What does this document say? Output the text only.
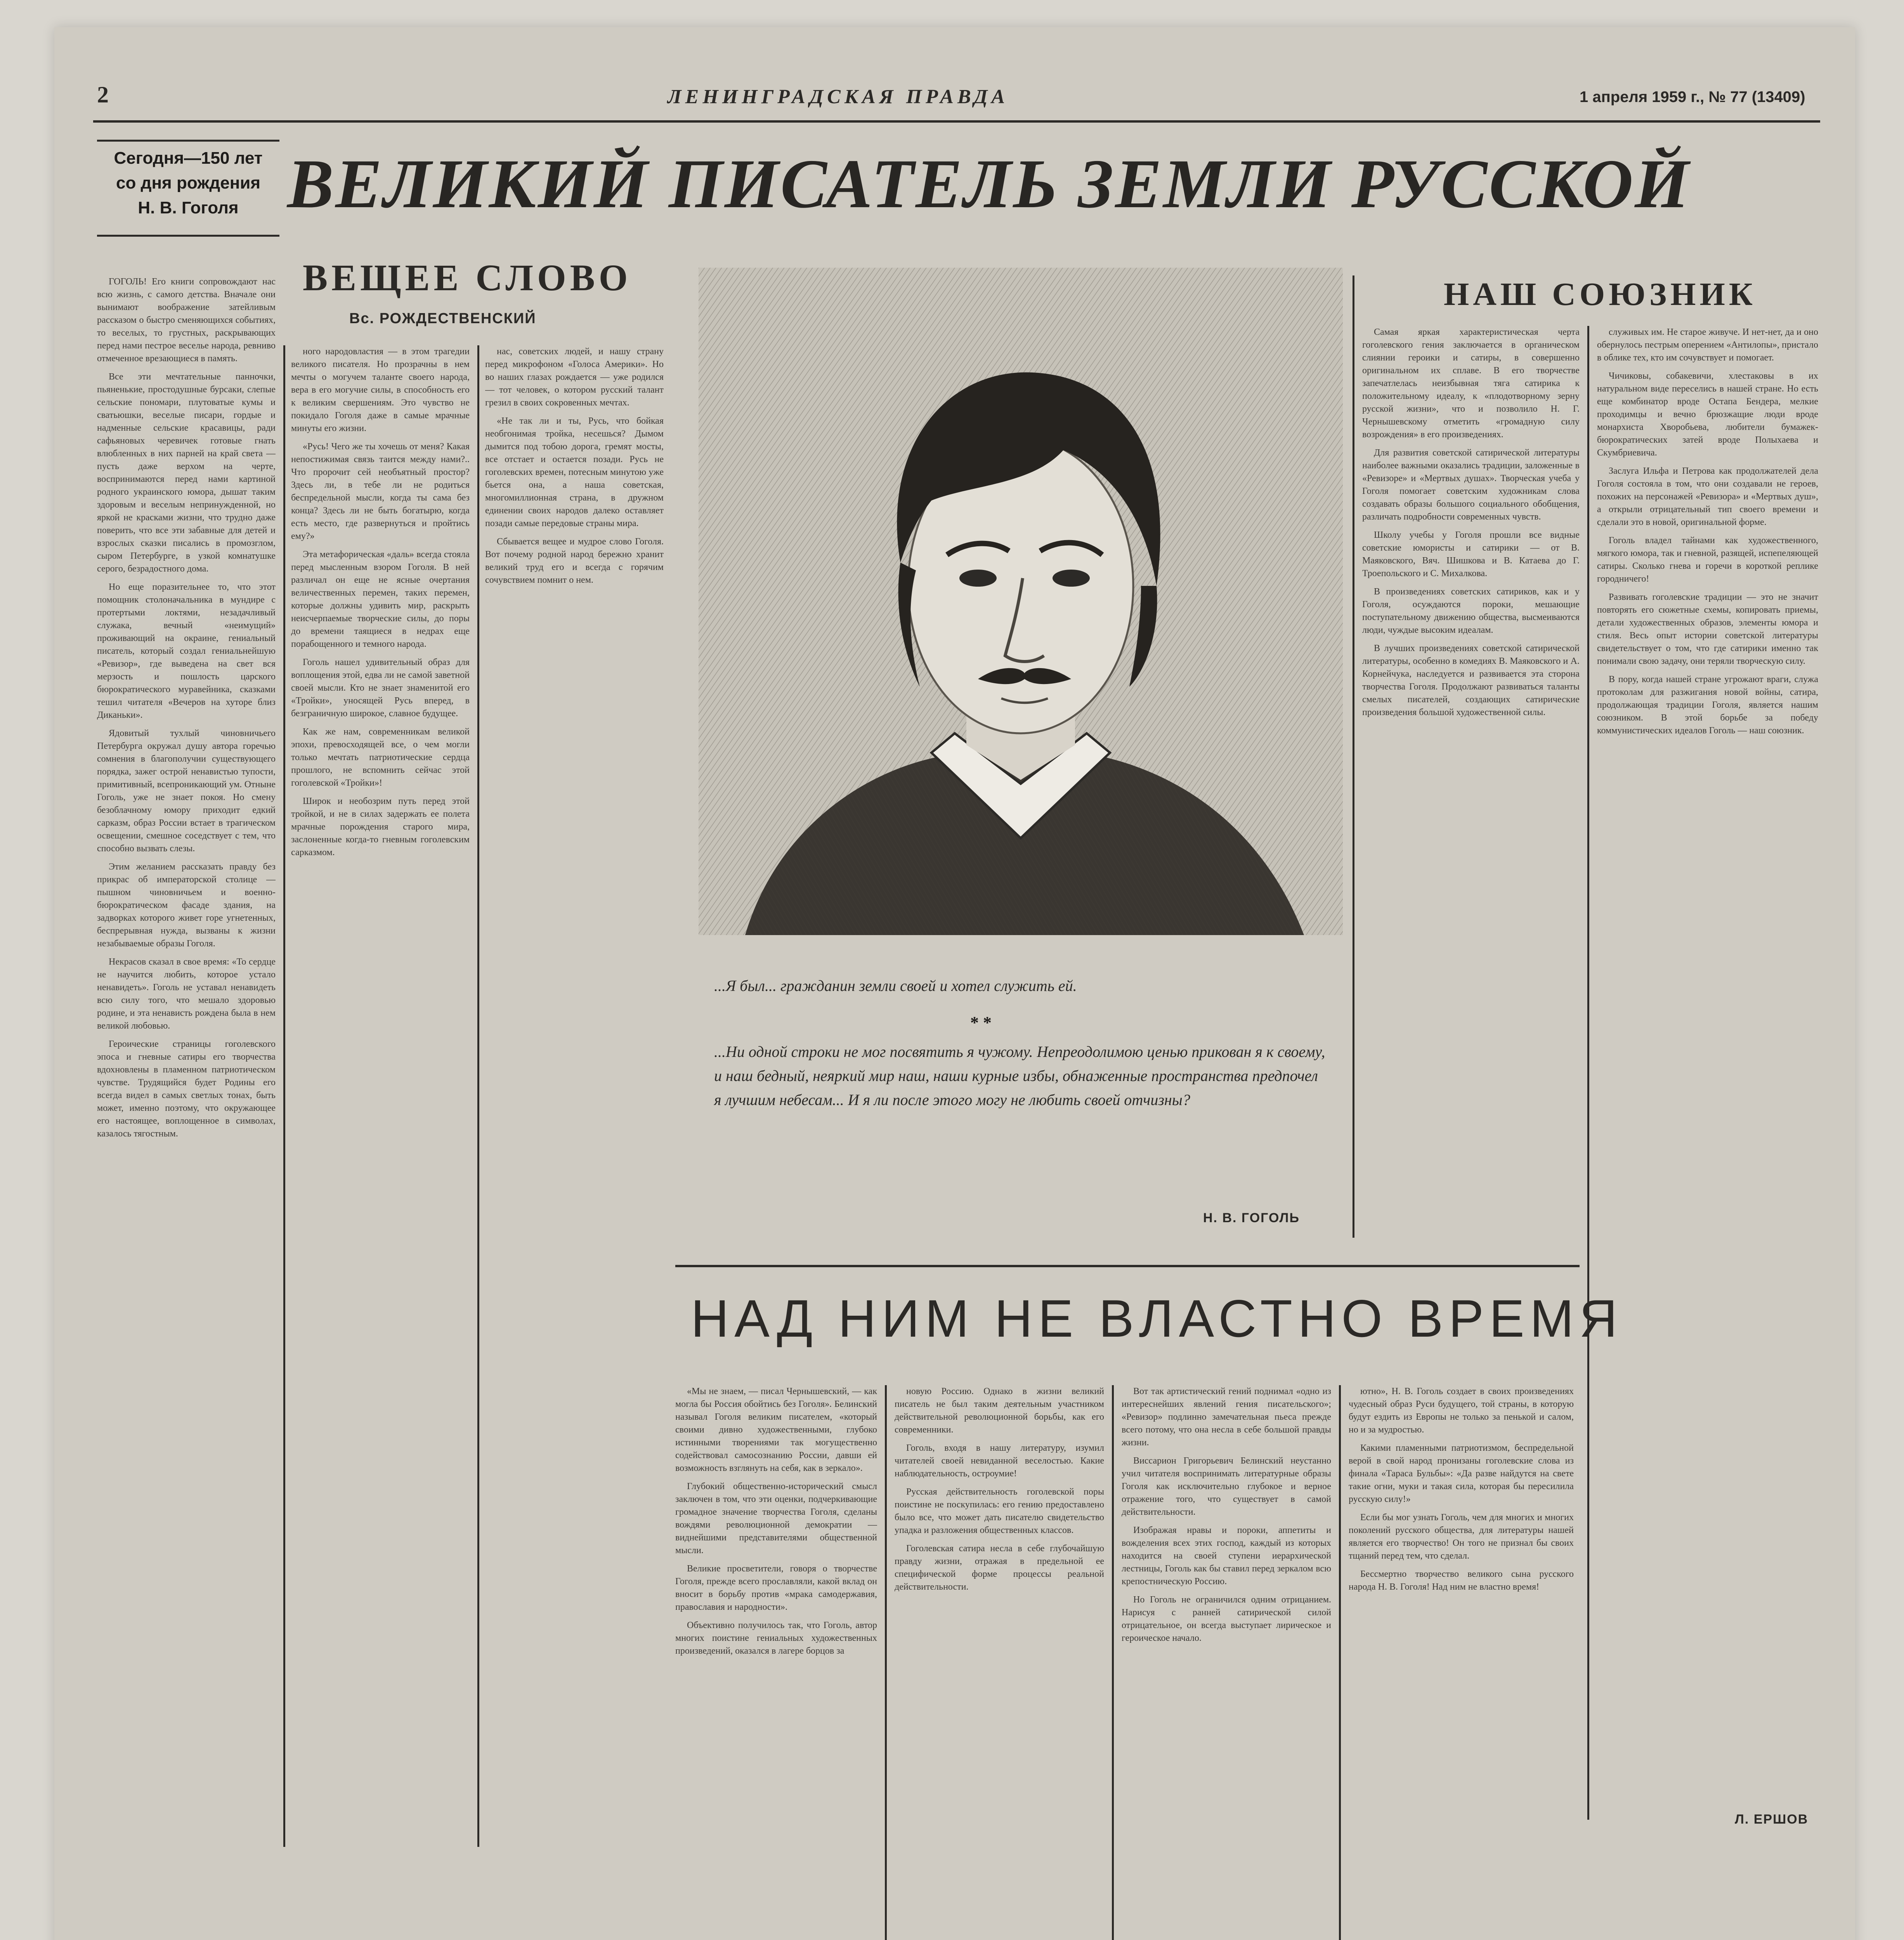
2	ЛЕНИНГРАДСКАЯ ПРАВДА	1 апреля 1959 г., № 77 (13409)
Сегодня—150 лет
со дня рождения
Н. В. Гоголя ВЕЛИКИЙ ПИСАТЕЛЬ ЗЕМЛИ РУССКОЙ
ВЕЩЕЕ СЛОВО
Вс. РОЖДЕСТВЕНСКИЙ

ГОГОЛЬ! Его книги сопровождают нас всю жизнь, с самого детства. Вначале они вынимают воображение затейливым рассказом о быстро сменяющихся событиях, то веселых, то грустных, раскрывающих перед нами пестрое веселье народа, ревниво отмеченное врезающиеся в память.

Все эти мечтательные панночки, пьяненькие, простодушные бурсаки, слепые сельские пономари, плутоватые кумы и сватьюшки, веселые писари, гордые и надменные сельские красавицы, ради сафьяновых черевичек готовые гнать влюбленных в них парней на край света — пусть даже верхом на черте, воспринимаются перед нами картиной родного украинского юмора, дышат таким здоровым и веселым непринужденной, но яркой не красками жизни, что трудно даже поверить, что все эти забавные для детей и взрослых сказки писались в промозглом, сыром Петербурге, в узкой комнатушке серого, безрадостного дома.

Но еще поразительнее то, что этот помощник столоначальника в мундире с протертыми локтями, незадачливый служака, вечный «неимущий» проживающий на окраине, гениальный писатель, который создал гениальнейшую «Ревизор», где выведена на свет вся мерзость и пошлость царского бюрократического муравейника, сказками тешил читателя «Вечеров на хуторе близ Диканьки».

Ядовитый тухлый чиновничьего Петербурга окружал душу автора горечью сомнения в благополучии существующего порядка, зажег острой ненавистью тупости, примитивный, всепроникающий ум. Отныне Гоголь, уже не знает покоя. Но смену безоблачному юмору приходит едкий сарказм, образ России встает в трагическом освещении, смешное соседствует с тем, что способно вызвать слезы.

Этим желанием рассказать правду без прикрас об императорской столице — пышном чиновничьем и военно-бюрократическом фасаде здания, на задворках которого живет горе угнетенных, беспрерывная нужда, вызваны к жизни незабываемые образы Гоголя.

Некрасов сказал в свое время: «То сердце не научится любить, которое устало ненавидеть». Гоголь не уставал ненавидеть всю силу того, что мешало здоровью родине, и эта ненависть рождена была в нем великой любовью.

Героические страницы гоголевского эпоса и гневные сатиры его творчества вдохновлены в пламенном патриотическом чувстве. Трудящийся будет Родины его всегда видел в самых светлых тонах, быть может, именно поэтому, что окружающее его настоящее, воплощенное в символах, казалось тягостным.

ного народовластия — в этом трагедии великого писателя. Но прозрачны в нем мечты о могучем таланте своего народа, вера в его могучие силы, в способность его к великим свершениям. Это чувство не покидало Гоголя даже в самые мрачные минуты его жизни.

«Русь! Чего же ты хочешь от меня? Какая непостижимая связь таится между нами?.. Что пророчит сей необъятный простор? Здесь ли, в тебе ли не родиться беспредельной мысли, когда ты сама без конца? Здесь ли не быть богатырю, когда есть место, где развернуться и пройтись ему?»

Эта метафорическая «даль» всегда стояла перед мысленным взором Гоголя. В ней различал он еще не ясные очертания величественных перемен, таких перемен, которые должны удивить мир, раскрыть неисчерпаемые творческие силы, до поры до времени таящиеся в недрах еще порабощенного и темного народа.

Гоголь нашел удивительный образ для воплощения этой, едва ли не самой заветной своей мысли. Кто не знает знаменитой его «Тройки», уносящей Русь вперед, в безграничную широкое, славное будущее.

Как же нам, современникам великой эпохи, превосходящей все, о чем могли только мечтать патриотические сердца прошлого, не вспомнить сейчас этой гоголевской «Тройки»!

Широк и необозрим путь перед этой тройкой, и не в силах задержать ее полета мрачные порождения старого мира, заслоненные когда-то гневным гоголевским сарказмом.

нас, советских людей, и нашу страну перед микрофоном «Голоса Америки». Но во наших глазах рождается — уже родился — тот человек, о котором русский талант грезил в своих сокровенных мечтах.

«Не так ли и ты, Русь, что бойкая необгонимая тройка, несешься? Дымом дымится под тобою дорога, гремят мосты, все отстает и остается позади. Русь не гоголевских времен, потесным минутою уже бьется она, а наша советская, многомиллионная страна, в дружном единении своих народов далеко оставляет позади самые передовые страны мира.

Сбывается вещее и мудрое слово Гоголя. Вот почему родной народ бережно хранит великий труд его и всегда с горячим сочувствием помнит о нем.

...Я был... гражданин земли своей и хотел служить ей.
* *
...Ни одной строки не мог посвятить я чужому. Непреодолимою ценью прикован я к своему, и наш бедный, неяркий мир наш, наши курные избы, обнаженные пространства предпочел я лучшим небесам... И я ли после этого могу не любить своей отчизны?
Н. В. ГОГОЛЬ
НАШ СОЮЗНИК

Самая яркая характеристическая черта гоголевского гения заключается в органическом слиянии героики и сатиры, в совершенно оригинальном их сплаве. В его творчестве запечатлелась неизбывная тяга сатирика к положительному идеалу, к «плодотворному зерну русской жизни», что и позволило Н. Г. Чернышевскому отметить «громадную силу возрождения» в его произведениях.

Для развития советской сатирической литературы наиболее важными оказались традиции, заложенные в «Ревизоре» и «Мертвых душах». Творческая учеба у Гоголя помогает советским художникам слова создавать образы большого социального обобщения, различать подробности современных чувств.

Школу учебы у Гоголя прошли все видные советские юмористы и сатирики — от В. Маяковского, Вяч. Шишкова и В. Катаева до Г. Троепольского и С. Михалкова.

В произведениях советских сатириков, как и у Гоголя, осуждаются пороки, мешающие поступательному движению общества, высмеиваются люди, чуждые высоким идеалам.

В лучших произведениях советской сатирической литературы, особенно в комедиях В. Маяковского и А. Корнейчука, наследуется и развивается эта сторона творчества Гоголя. Продолжают развиваться таланты смелых писателей, создающих сатирические произведения большой художественной силы.

служивых им. Не старое живуче. И нет-нет, да и оно обернулось пестрым оперением «Антилопы», пристало в облике тех, кто им сочувствует и помогает.

Чичиковы, собакевичи, хлестаковы в их натуральном виде переселись в нашей стране. Но есть еще комбинатор вроде Остапа Бендера, мелкие проходимцы и вечно брюзжащие люди вроде монархиста Хворобьева, любители бумажек-бюрократических затей вроде Полыхаева и Скумбриевича.

Заслуга Ильфа и Петрова как продолжателей дела Гоголя состояла в том, что они создавали не героев, похожих на персонажей «Ревизора» и «Мертвых душ», а открыли отрицательный тип своего времени и сделали это в новой, оригинальной форме.

Гоголь владел тайнами как художественного, мягкого юмора, так и гневной, разящей, испепеляющей сатиры. Сколько гнева и горечи в короткой реплике городничего!

Развивать гоголевские традиции — это не значит повторять его сюжетные схемы, копировать приемы, детали художественных образов, элементы юмора и стиля. Весь опыт истории советской литературы свидетельствует о том, что где сатирики именно так понимали свою задачу, они теряли творческую силу.

В пору, когда нашей стране угрожают враги, служа протоколам для разжигания новой войны, сатира, продолжающая традиции Гоголя, является нашим союзником. В этой борьбе за победу коммунистических идеалов Гоголь — наш союзник.

Л. ЕРШОВ
НАД НИМ НЕ ВЛАСТНО ВРЕМЯ

«Мы не знаем, — писал Чернышевский, — как могла бы Россия обойтись без Гоголя». Белинский называл Гоголя великим писателем, «который своими дивно художественными, глубоко истинными творениями так могущественно содействовал самосознанию России, давши ей возможность взглянуть на себя, как в зеркало».

Глубокий общественно-исторический смысл заключен в том, что эти оценки, подчеркивающие громадное значение творчества Гоголя, сделаны вождями революционной демократии — виднейшими представителями общественной мысли.

Великие просветители, говоря о творчестве Гоголя, прежде всего прославляли, какой вклад он вносит в борьбу против «мрака самодержавия, православия и народности».

Объективно получилось так, что Гоголь, автор многих поистине гениальных художественных произведений, оказался в лагере борцов за

новую Россию. Однако в жизни великий писатель не был таким деятельным участником действительной революционной борьбы, как его современники.

Гоголь, входя в нашу литературу, изумил читателей своей невиданной веселостью. Какие наблюдательность, остроумие!

Русская действительность гоголевской поры поистине не поскупилась: его гению предоставлено было все, что может дать писателю свидетельство упадка и разложения общественных классов.

Гоголевская сатира несла в себе глубочайшую правду жизни, отражая в предельной ее специфической форме процессы реальной действительности.

Вот так артистический гений поднимал «одно из интереснейших явлений гения писательского»; «Ревизор» подлинно замечательная пьеса прежде всего потому, что она несла в себе большой правды жизни.

Виссарион Григорьевич Белинский неустанно учил читателя воспринимать литературные образы Гоголя как исключительно глубокое и верное отражение того, что существует в самой действительности.

Изображая нравы и пороки, аппетиты и вожделения всех этих господ, каждый из которых находится на своей ступени иерархической лестницы, Гоголь как бы ставил перед зеркалом всю крепостническую Россию.

Но Гоголь не ограничился одним отрицанием. Нарисуя с ранней сатирической силой отрицательное, он всегда выступает лирическое и героическое начало.

ютно», Н. В. Гоголь создает в своих произведениях чудесный образ Руси будущего, той страны, в которую будут ездить из Европы не только за пенькой и салом, но и за мудростью.

Какими пламенными патриотизмом, беспредельной верой в свой народ пронизаны гоголевские слова из финала «Тараса Бульбы»: «Да разве найдутся на свете такие огни, муки и такая сила, которая бы пересилила русскую силу!»

Если бы мог узнать Гоголь, чем для многих и многих поколений русского общества, для литературы нашей является его творчество! Он того не признал бы своих тщаний перед тем, что сделал.

Бессмертно творчество великого сына русского народа Н. В. Гоголя! Над ним не властно время!
